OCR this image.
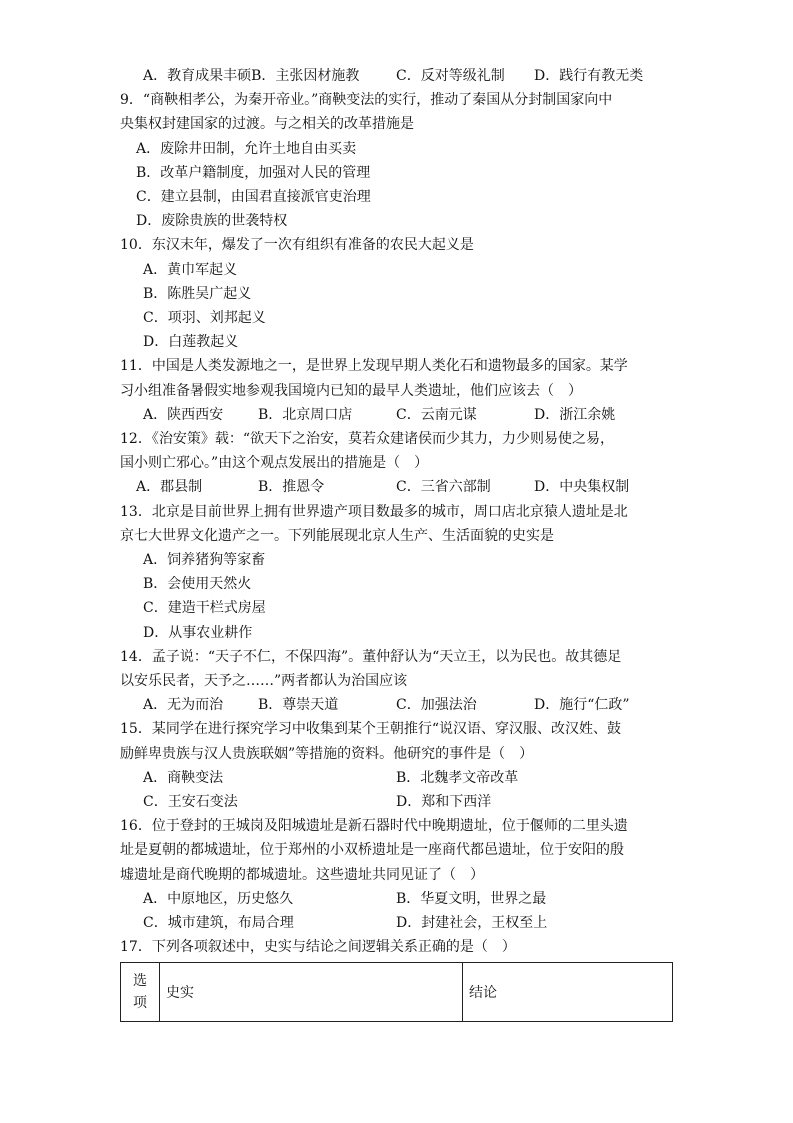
A．教育成果丰硕B．主张因材施教	C．反对等级礼制 D．践行有教无类
9．“商鞅相孝公，为秦开帝业。”商鞅变法的实行，推动了秦国从分封制国家向中
央集权封建国家的过渡。与之相关的改革措施是
A．废除井田制，允许土地自由买卖
B．改革户籍制度，加强对人民的管理
C．建立县制，由国君直接派官吏治理
D．废除贵族的世袭特权
10．东汉末年，爆发了一次有组织有准备的农民大起义是
A．黄巾军起义
B．陈胜吴广起义
C．项羽、刘邦起义
D．白莲教起义
11．中国是人类发源地之一，是世界上发现早期人类化石和遗物最多的国家。某学
习小组准备暑假实地参观我国境内已知的最早人类遗址，他们应该去（　）
A．陕西西安 B．北京周口店	C．云南元谋	D．浙江余姚
12．《治安策》载：“欲天下之治安，莫若众建诸侯而少其力，力少则易使之易，
国小则亡邪心。”由这个观点发展出的措施是（　）
A．郡县制	B．推恩令	C．三省六部制	D．中央集权制
13．北京是目前世界上拥有世界遗产项目数最多的城市，周口店北京猿人遗址是北
京七大世界文化遗产之一。下列能展现北京人生产、生活面貌的史实是
A．饲养猪狗等家畜
B．会使用天然火
C．建造干栏式房屋
D．从事农业耕作
14．孟子说：“天子不仁，不保四海”。董仲舒认为“天立王，以为民也。故其德足
以安乐民者，天予之……”两者都认为治国应该
A．无为而治 B．尊崇天道	C．加强法治	D．施行“仁政”
15．某同学在进行探究学习中收集到某个王朝推行“说汉语、穿汉服、改汉姓、鼓
励鲜卑贵族与汉人贵族联姻”等措施的资料。他研究的事件是（　）
A．商鞅变法	B．北魏孝文帝改革
C．王安石变法	D．郑和下西洋
16．位于登封的王城岗及阳城遗址是新石器时代中晚期遗址，位于偃师的二里头遗
址是夏朝的都城遗址，位于郑州的小双桥遗址是一座商代都邑遗址，位于安阳的殷
墟遗址是商代晚期的都城遗址。这些遗址共同见证了（　）
A．中原地区，历史悠久	B．华夏文明，世界之最
C．城市建筑，布局合理	D．封建社会，王权至上
17．下列各项叙述中，史实与结论之间逻辑关系正确的是（　）
选项	史实	结论
